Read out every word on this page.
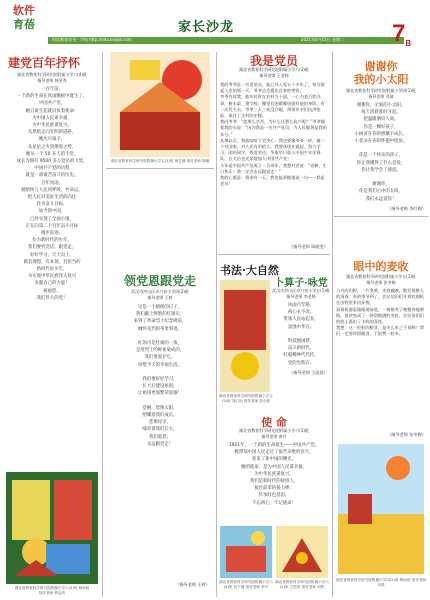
软件
育蓓	家长沙龙
科技教育周刊 · 学校 http://edu.kejiyb.com	2021年6月15日 星期二 7B
建党百年抒怀
湖北省教育科学研究院附属小学六(4)班
指导老师 韩金秀
一百年前，
一个新的生命在风雨飘摇中诞生了，
中国共产党。
她自诞生起就肩负着使命：
为中国人民谋幸福，
为中华民族谋复兴。
从黑暗走向光明的道路，
她历尽艰辛，
从星星之火到燎原之势，
她从一个 50 多人的小党，
成长为拥有 9500 多万党员的大党，
中国共产党的历程
就是一部艰苦奋斗的历史。
百年风雨，
她始终与人民同呼吸、共命运，
把人民对美好生活的向往
作为奋斗目标，
如今的中国，
已经实现了全面小康，
正在向第二个百年奋斗目标
阔步前进。
作为新时代的少年，
我们要听党话、跟党走，
好好学习，天天向上，
做有理想、有本领、有担当的
新时代好少年，
为实现中华民族伟大复兴
贡献自己的力量！
祝福您，
我们伟大的党！
湖北省教育科学研究院附属小学六(4)班 杨雨晨
指导老师 韩金秀
湖北省教育科学研究院附属小学五(3)班 徐艺涵 指导老师 陈曦
领党恩跟党走
武汉市洪山区卓刀泉小学四(2)班
指导老师 王辉
这是一个晴朗的日子，
我们戴上鲜艳的红领巾，
来到了革命烈士纪念碑前，
缅怀先烈的英勇事迹。

红领巾是红旗的一角，
是用烈士的鲜血染成的，
我们要爱护它，
珍惜今天的幸福生活。

我们要好好学习，
长大后建设祖国，
让祖国更加繁荣富强！

党啊，您像太阳，
照耀着我们成长，
您像母亲，
哺育着我们长大，
我们爱您，
永远跟党走！
（指导老师 王辉）
我是党员
湖北省教育科学研究院附属小学六(3)班
指导老师 王老师
我的爷爷是一名老党员，他已经入党五十多年了。每当提起入党的那一天，爷爷总会露出自豪的笑容。
爷爷告诉我，他年轻时在农村当干部，一心为老百姓办事，修水渠、建学校，哪里有困难哪里就有他的身影。有一次发大水，爷爷三天三夜没合眼，带领乡亲们抗洪抢险，保住了全村的庄稼。
我问爷爷：“您那么辛苦，为什么还那么高兴呢？”爷爷摸着我的头说：“因为我是一名共产党员，为人民服务是我的本分。”
从那以后，我就暗暗下定决心：我也要像爷爷一样，做一个对国家、对人民有用的人。我要从现在做起，努力学习，团结同学，热爱劳动，争取早日加入中国少年先锋队，长大后也光荣地加入中国共产党！
今年是中国共产党成立一百周年，我想对党说：“党啊，生日快乐！我一定会永远跟党走！”
我的心愿是：将来有一天，我也能骄傲地说一句——我是党员！
（指导老师 陈晓雯）
书法·大自然
湖北省教育科学研究院附属小学五(2)班 刘心怡 指导老师 周小燕
卜算子·咏党
武汉市洪山区卓刀泉小学五(1)班
指导老师 李老师
风雨百年路，
初心永不改。
带领人民站起来，
富强中华在。

科技强国梦，
奋斗新时代。
红船精神代代传，
党的光辉在。
（指导老师 王雨晨）
使 命
湖北省教育科学研究院附属小学六(1)班
指导老师 黄丹
1921年，一个新的生命诞生——中国共产党。
她带领中国人民走过了艰苦卓绝的岁月，
迎来了新中国的曙光。
她的使命，是为中国人民谋幸福，
为中华民族谋复兴。
我们是新时代的接班人，
接过前辈的接力棒，
传承红色基因，
不忘初心，牢记使命！
湖北省教育科学研究院附属小学六(4)班 张子涵 指导老师 李丹
湖北省教育科学研究院附属小学六(2)班 王思琪 指导老师 刘婷
谢谢你
我的小太阳
湖北省教育科学研究院附属小学四(1)班
指导老师 邓倩
谢谢你，亲爱的小太阳，
每天清晨准时升起，
把温暖洒向人间。
你是一颗好孩子，
小树苗在你的照耀下成长，
小花朵在你的怀抱中绽放。

你是一个快乐的孩子，
你让我懂得了什么是爱，
你让我学会了感恩。

谢谢你，
你是我们心中的太阳，
我们永远爱你！
（指导老师 李红梅）
眼中的麦收
湖北省教育科学研究院附属小学五(1)班
指导老师 张冬梅
六月的田野，一片金黄，麦浪翻滚，散发着醉人的清香。麦收季节到了，农民伯伯们开着收割机在田野里来回穿梭。
看着机器轰隆隆地前进，一排排麦子被整齐地割倒，很快变成了一袋袋饱满的麦粒，农民伯伯们的脸上露出了丰收的喜悦。
我想：这一粒粒的粮食，是多么来之不易啊！我们一定要珍惜粮食，不浪费一粒米。
（指导老师 张冬梅）
湖北省教育科学研究院附属小学四(2)班 陈雨欣 指导老师 邓倩
